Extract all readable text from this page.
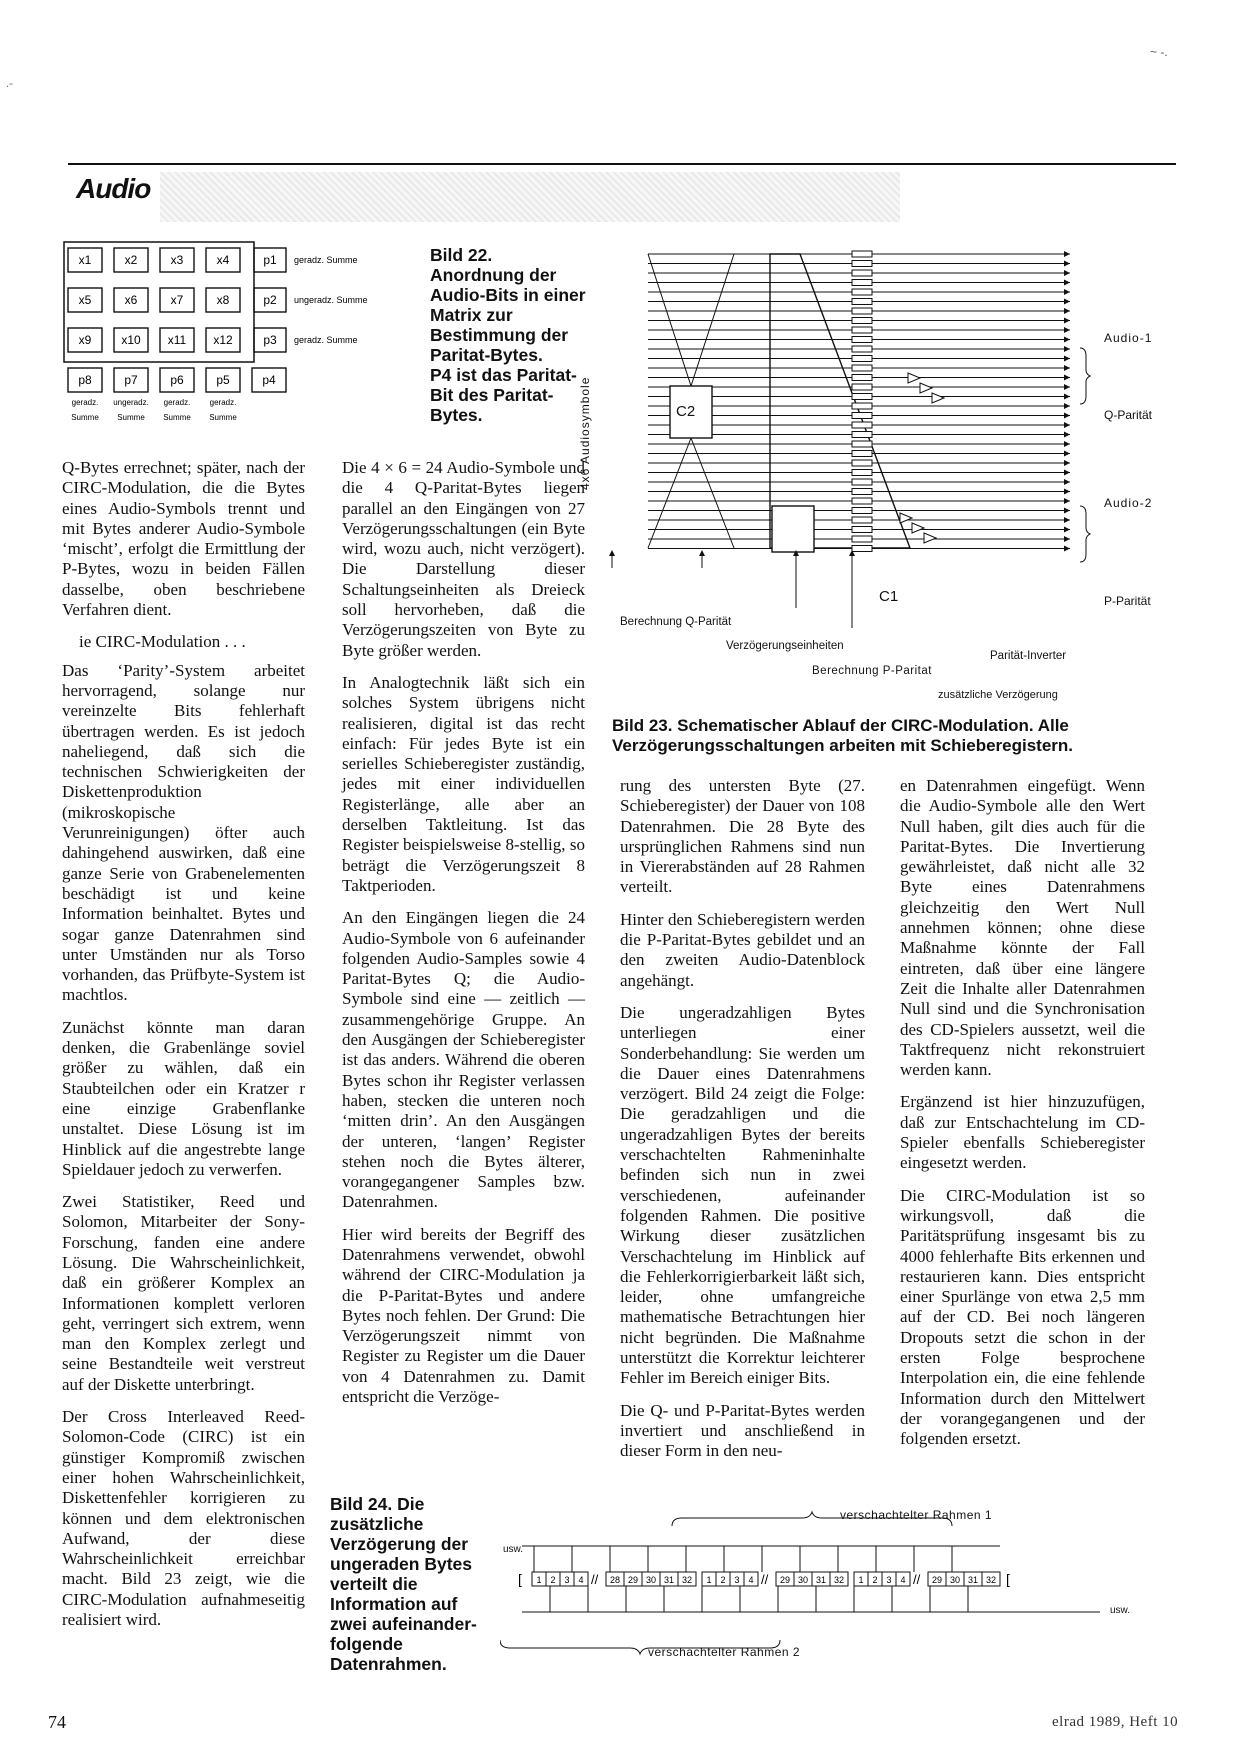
Audio
~ -.
.-
x1	x2	x3	x4	p1 geradz. Summe
x5	x6	x7	x8	p2 ungeradz. Summe
x9 x10 x11 x12	p3 geradz. Summe
p8	p7	p6	p5	p4
geradz.
Summe
ungeradz.
Summe
geradz.
Summe
geradz.
Summe
Bild 22.
Anordnung der
Audio-Bits in einer
Matrix zur
Bestimmung der
Paritat-Bytes.
P4 ist das Paritat-
Bit des Paritat-
Bytes.	C2
C1
4x6 Audiosymbole
Audio-1
Q-Parität
Audio-2
P-Parität
Berechnung Q-Parität
Verzögerungseinheiten
Parität-Inverter
Berechnung P-Paritat
zusätzliche Verzögerung
Bild 23. Schematischer Ablauf der CIRC-Modulation. Alle Verzögerungsschaltungen arbeiten mit Schieberegistern.

Q-Bytes errechnet; später, nach der CIRC-Modulation, die die Bytes eines Audio-Symbols trennt und mit Bytes anderer Audio-Symbole ‘mischt’, erfolgt die Ermittlung der P-Bytes, wozu in beiden Fällen dasselbe, oben beschriebene Verfahren dient.

ie CIRC-Modulation . . .

Das ‘Parity’-System arbeitet hervorragend, solange nur vereinzelte Bits fehlerhaft übertragen werden. Es ist jedoch naheliegend, daß sich die technischen Schwierigkeiten der Diskettenproduktion (mikroskopische Verunreinigungen) öfter auch dahingehend auswirken, daß eine ganze Serie von Grabenelementen beschädigt ist und keine Information beinhaltet. Bytes und sogar ganze Datenrahmen sind unter Umständen nur als Torso vorhanden, das Prüfbyte-System ist machtlos.

Zunächst könnte man daran denken, die Grabenlänge soviel größer zu wählen, daß ein Staubteilchen oder ein Kratzer r eine einzige Grabenflanke unstaltet. Diese Lösung ist im Hinblick auf die angestrebte lange Spieldauer jedoch zu verwerfen.

Zwei Statistiker, Reed und Solomon, Mitarbeiter der Sony-Forschung, fanden eine andere Lösung. Die Wahrscheinlichkeit, daß ein größerer Komplex an Informationen komplett verloren geht, verringert sich extrem, wenn man den Komplex zerlegt und seine Bestandteile weit verstreut auf der Diskette unterbringt.

Der Cross Interleaved Reed-Solomon-Code (CIRC) ist ein günstiger Kompromiß zwischen einer hohen Wahrscheinlichkeit, Diskettenfehler korrigieren zu können und dem elektronischen Aufwand, der diese Wahrscheinlichkeit erreichbar macht. Bild 23 zeigt, wie die CIRC-Modulation aufnahmeseitig realisiert wird.

Die 4 × 6 = 24 Audio-Symbole und die 4 Q-Paritat-Bytes liegen parallel an den Eingängen von 27 Verzögerungsschaltungen (ein Byte wird, wozu auch, nicht verzögert). Die Darstellung dieser Schaltungseinheiten als Dreieck soll hervorheben, daß die Verzögerungszeiten von Byte zu Byte größer werden.

In Analogtechnik läßt sich ein solches System übrigens nicht realisieren, digital ist das recht einfach: Für jedes Byte ist ein serielles Schieberegister zuständig, jedes mit einer individuellen Registerlänge, alle aber an derselben Taktleitung. Ist das Register beispielsweise 8-stellig, so beträgt die Verzögerungszeit 8 Taktperioden.

An den Eingängen liegen die 24 Audio-Symbole von 6 aufeinander folgenden Audio-Samples sowie 4 Paritat-Bytes Q; die Audio-Symbole sind eine — zeitlich — zusammengehörige Gruppe. An den Ausgängen der Schieberegister ist das anders. Während die oberen Bytes schon ihr Register verlassen haben, stecken die unteren noch ‘mitten drin’. An den Ausgängen der unteren, ‘langen’ Register stehen noch die Bytes älterer, vorangegangener Samples bzw. Datenrahmen.

Hier wird bereits der Begriff des Datenrahmens verwendet, obwohl während der CIRC-Modulation ja die P-Paritat-Bytes und andere Bytes noch fehlen. Der Grund: Die Verzögerungszeit nimmt von Register zu Register um die Dauer von 4 Datenrahmen zu. Damit entspricht die Verzöge-

rung des untersten Byte (27. Schieberegister) der Dauer von 108 Datenrahmen. Die 28 Byte des ursprünglichen Rahmens sind nun in Viererabständen auf 28 Rahmen verteilt.

Hinter den Schieberegistern werden die P-Paritat-Bytes gebildet und an den zweiten Audio-Datenblock angehängt.

Die ungeradzahligen Bytes unterliegen einer Sonderbehandlung: Sie werden um die Dauer eines Datenrahmens verzögert. Bild 24 zeigt die Folge: Die geradzahligen und die ungeradzahligen Bytes der bereits verschachtelten Rahmeninhalte befinden sich nun in zwei verschiedenen, aufeinander folgenden Rahmen. Die positive Wirkung dieser zusätzlichen Verschachtelung im Hinblick auf die Fehlerkorrigierbarkeit läßt sich, leider, ohne umfangreiche mathematische Betrachtungen hier nicht begründen. Die Maßnahme unterstützt die Korrektur leichterer Fehler im Bereich einiger Bits.

Die Q- und P-Paritat-Bytes werden invertiert und anschließend in dieser Form in den neu-

en Datenrahmen eingefügt. Wenn die Audio-Symbole alle den Wert Null haben, gilt dies auch für die Paritat-Bytes. Die Invertierung gewährleistet, daß nicht alle 32 Byte eines Datenrahmens gleichzeitig den Wert Null annehmen können; ohne diese Maßnahme könnte der Fall eintreten, daß über eine längere Zeit die Inhalte aller Datenrahmen Null sind und die Synchronisation des CD-Spielers aussetzt, weil die Taktfrequenz nicht rekonstruiert werden kann.

Ergänzend ist hier hinzuzufügen, daß zur Entschachtelung im CD-Spieler ebenfalls Schieberegister eingesetzt werden.

Die CIRC-Modulation ist so wirkungsvoll, daß die Paritätsprüfung insgesamt bis zu 4000 fehlerhafte Bits erkennen und restaurieren kann. Dies entspricht einer Spurlänge von etwa 2,5 mm auf der CD. Bei noch längeren Dropouts setzt die schon in der ersten Folge besprochene Interpolation ein, die eine fehlende Information durch den Mittelwert der vorangegangenen und der folgenden ersetzt.

Bild 24. Die
zusätzliche
Verzögerung der
ungeraden Bytes
verteilt die
Information auf
zwei aufeinander-
folgende
Datenrahmen.
[ 1 2 3 4 // 28 29 30 31 32 1 2 3 4 // 29 30 31 32 1 2 3 4 // 29 30 31 32 [
verschachtelter Rahmen 1
verschachtelter Rahmen 2
usw.
usw.
74	elrad 1989, Heft 10
